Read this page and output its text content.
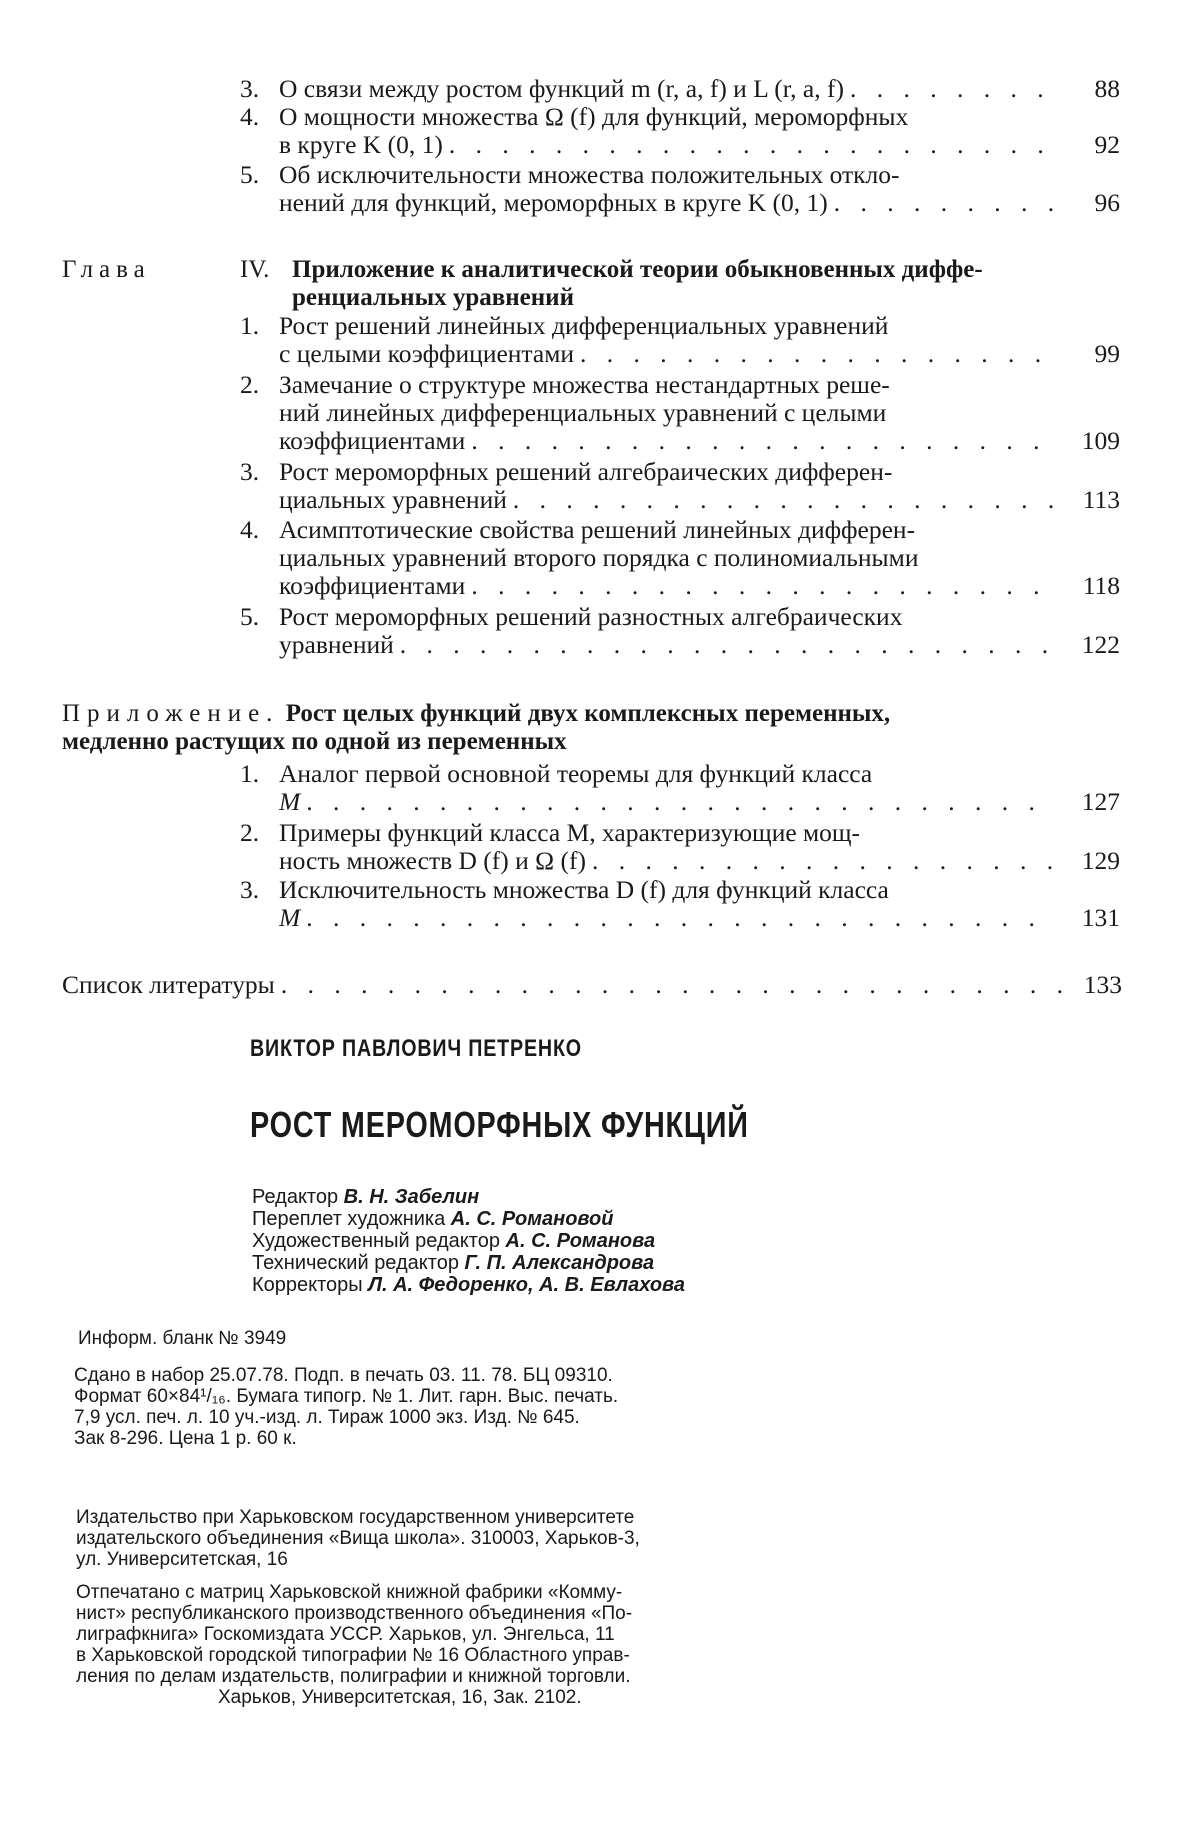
3. О связи между ростом функций m (r, a, f) и L (r, a, f)
. . .	88
4. О мощности множества Ω (f) для функций, мероморфных
в круге K (0, 1)
. . .	92
5. Об исключительности множества положительных откло-
нений для функций, мероморфных в круге K (0, 1)
. . .	96
Глава	IV. Приложение к аналитической теории обыкновенных диффе-
ренциальных уравнений
1. Рост решений линейных дифференциальных уравнений
с целыми коэффициентами
. . .	99
2. Замечание о структуре множества нестандартных реше-
ний линейных дифференциальных уравнений с целыми
коэффициентами
. . .	109
3. Рост мероморфных решений алгебраических дифферен-
циальных уравнений
. . .	113
4. Асимптотические свойства решений линейных дифферен-
циальных уравнений второго порядка с полиномиальными
коэффициентами
. . .	118
5. Рост мероморфных решений разностных алгебраических
уравнений
. . .	122
Приложение. Рост целых функций двух комплексных переменных,
медленно растущих по одной из переменных
1. Аналог первой основной теоремы для функций класса
M
. . .	127
2. Примеры функций класса M, характеризующие мощ-
ность множеств D (f) и Ω (f)
. . .	129
3. Исключительность множества D (f) для функций класса
M
. . .	131
Список литературы
. . .	133
ВИКТОР ПАВЛОВИЧ ПЕТРЕНКО
РОСТ МЕРОМОРФНЫХ ФУНКЦИЙ
Редактор В. Н. Забелин
Переплет художника А. С. Романовой
Художественный редактор А. С. Романова
Технический редактор Г. П. Александрова
Корректоры Л. А. Федоренко, А. В. Евлахова
Информ. бланк № 3949
Сдано в набор 25.07.78. Подп. в печать 03. 11. 78. БЦ 09310.
Формат 60×84¹/₁₆. Бумага типогр. № 1. Лит. гарн. Выс. печать.
7,9 усл. печ. л. 10 уч.-изд. л. Тираж 1000 экз. Изд. № 645.
Зак 8-296. Цена 1 р. 60 к.
Издательство при Харьковском государственном университете
издательского объединения «Вища школа». 310003, Харьков-3,
ул. Университетская, 16
Отпечатано с матриц Харьковской книжной фабрики «Комму-
нист» республиканского производственного объединения «По-
лиграфкнига» Госкомиздата УССР. Харьков, ул. Энгельса, 11
в Харьковской городской типографии № 16 Областного управ-
ления по делам издательств, полиграфии и книжной торговли.
Харьков, Университетская, 16, Зак. 2102.
